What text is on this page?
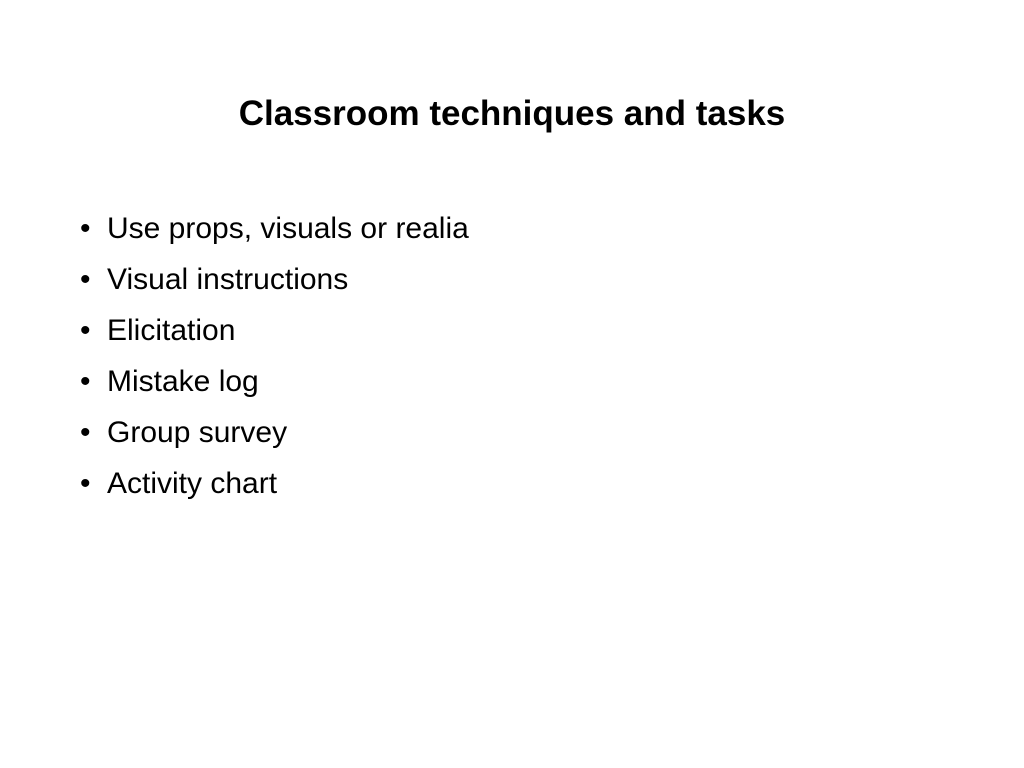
Classroom techniques and tasks
• Use props, visuals or realia
• Visual instructions
• Elicitation
• Mistake log
• Group survey
• Activity chart
